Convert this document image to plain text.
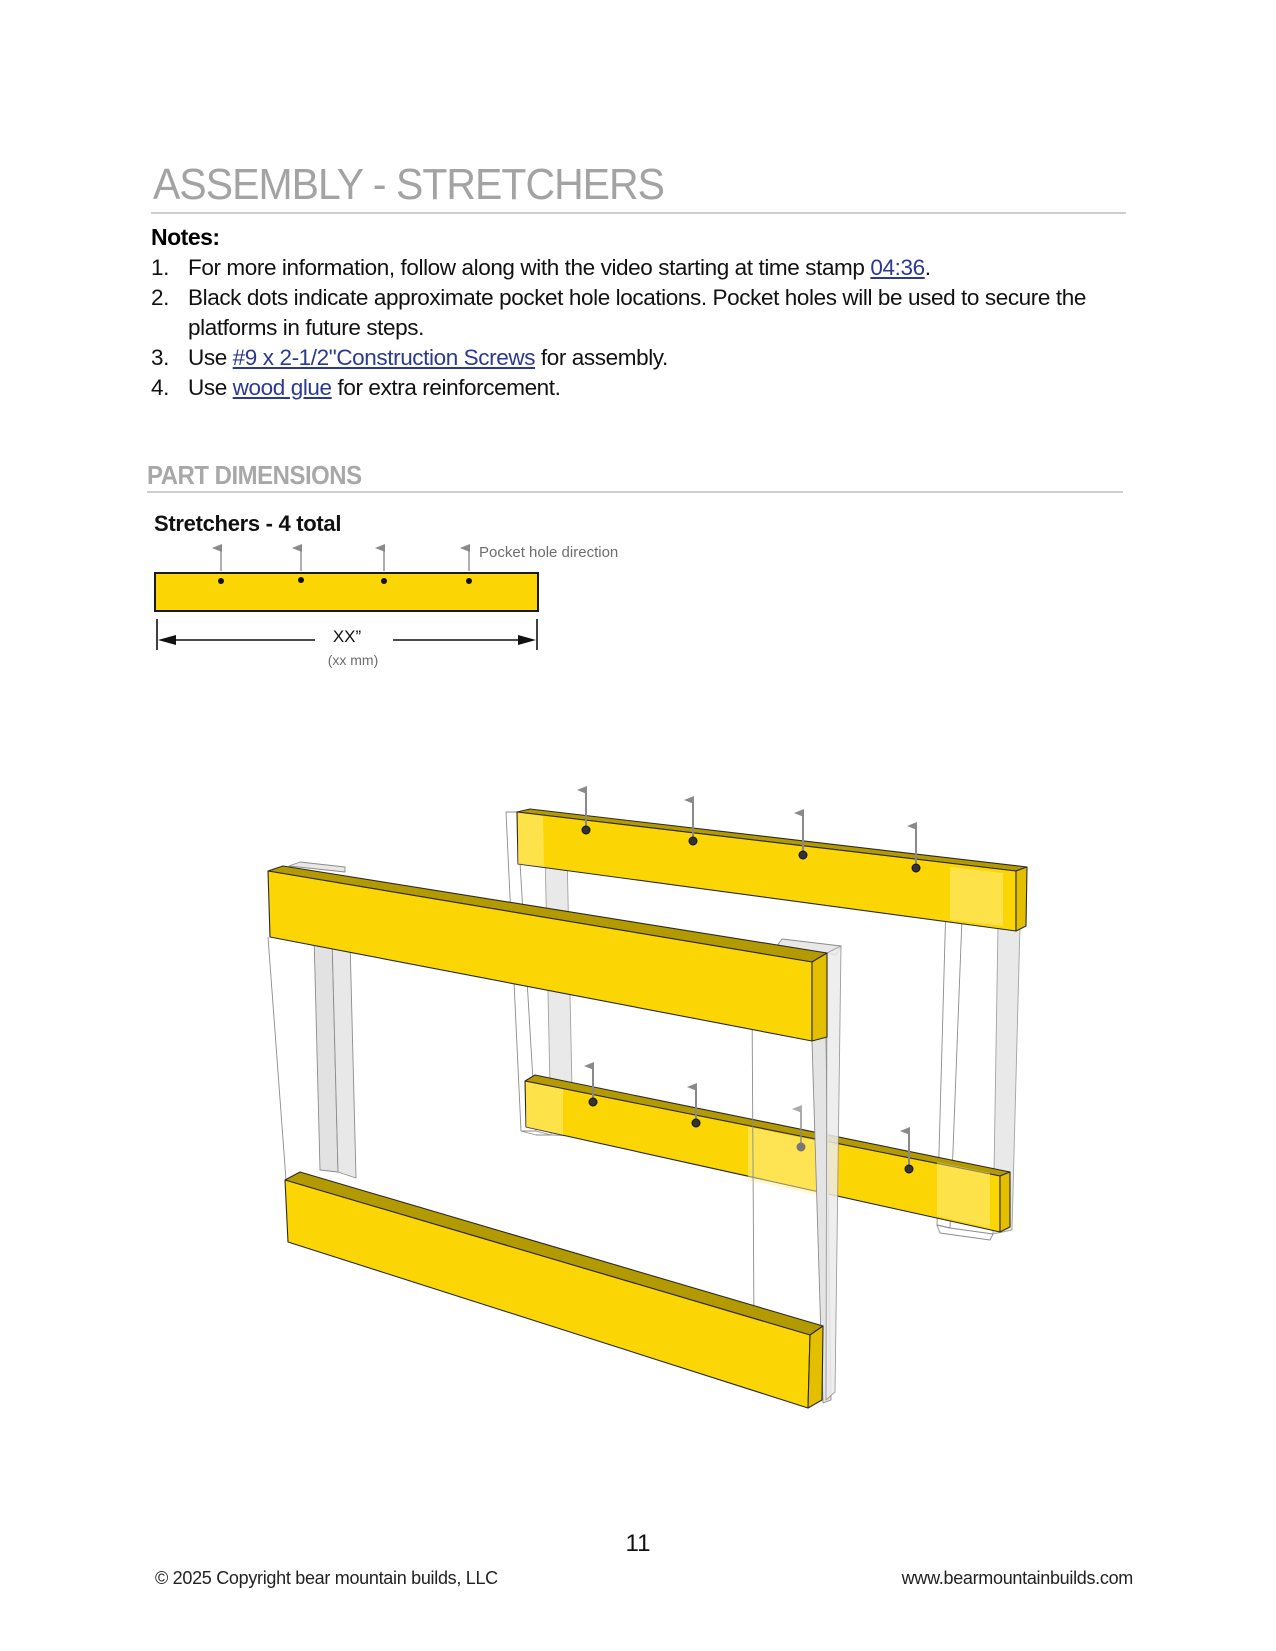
ASSEMBLY - STRETCHERS
Notes:
1. For more information, follow along with the video starting at time stamp 04:36.
2. Black dots indicate approximate pocket hole locations. Pocket holes will be used to secure the platforms in future steps.
3. Use #9 x 2-1/2"Construction Screws for assembly.
4. Use wood glue for extra reinforcement.
PART DIMENSIONS
Stretchers - 4 total
Pocket hole direction
XX”
(xx mm)
11
© 2025 Copyright bear mountain builds, LLC	www.bearmountainbuilds.com
